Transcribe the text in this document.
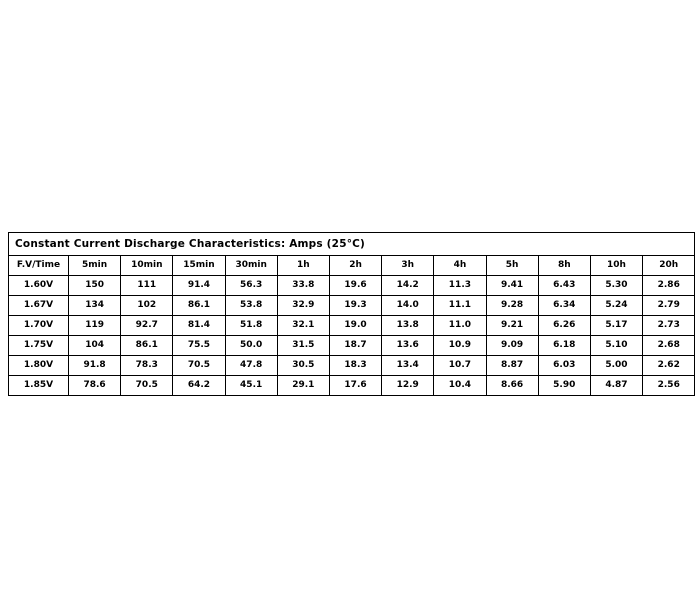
Constant Current Discharge Characteristics: Amps (25°C)												
F.V/Time	5min	10min	15min	30min	1h	2h	3h	4h	5h	8h	10h	20h
1.60V	150	111	91.4	56.3	33.8	19.6	14.2	11.3	9.41	6.43	5.30	2.86
1.67V	134	102	86.1	53.8	32.9	19.3	14.0	11.1	9.28	6.34	5.24	2.79
1.70V	119	92.7	81.4	51.8	32.1	19.0	13.8	11.0	9.21	6.26	5.17	2.73
1.75V	104	86.1	75.5	50.0	31.5	18.7	13.6	10.9	9.09	6.18	5.10	2.68
1.80V	91.8	78.3	70.5	47.8	30.5	18.3	13.4	10.7	8.87	6.03	5.00	2.62
1.85V	78.6	70.5	64.2	45.1	29.1	17.6	12.9	10.4	8.66	5.90	4.87	2.56
